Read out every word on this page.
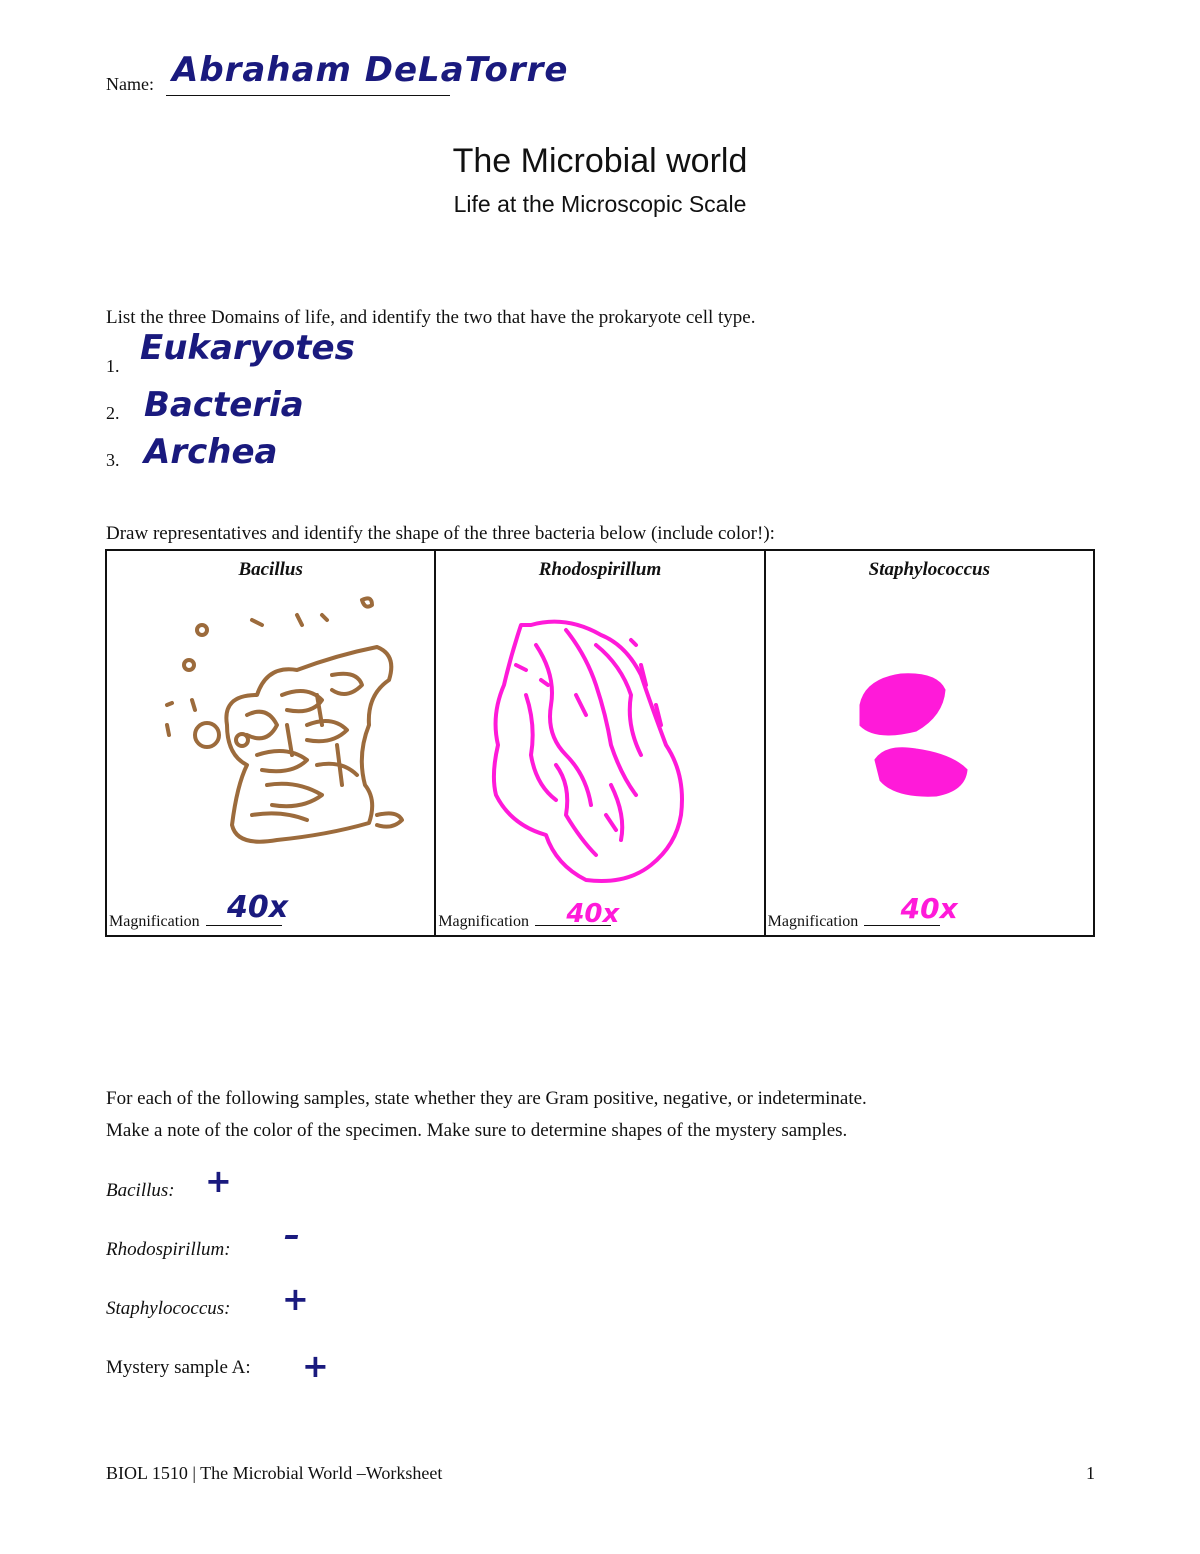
Name: Abraham DeLaTorre
The Microbial world
Life at the Microscopic Scale
List the three Domains of life, and identify the two that have the prokaryote cell type.
1. Eukaryotes
2. Bacteria
3. Archea
Draw representatives and identify the shape of the three bacteria below (include color!):
Bacillus
40x
Magnification

Rhodospirillum
40x
Magnification

Staphylococcus
40x
Magnification
For each of the following samples, state whether they are Gram positive, negative, or indeterminate.
Make a note of the color of the specimen. Make sure to determine shapes of the mystery samples.
Bacillus: +
Rhodospirillum: –
Staphylococcus: +
Mystery sample A: +
BIOL 1510 | The Microbial World –Worksheet	1
